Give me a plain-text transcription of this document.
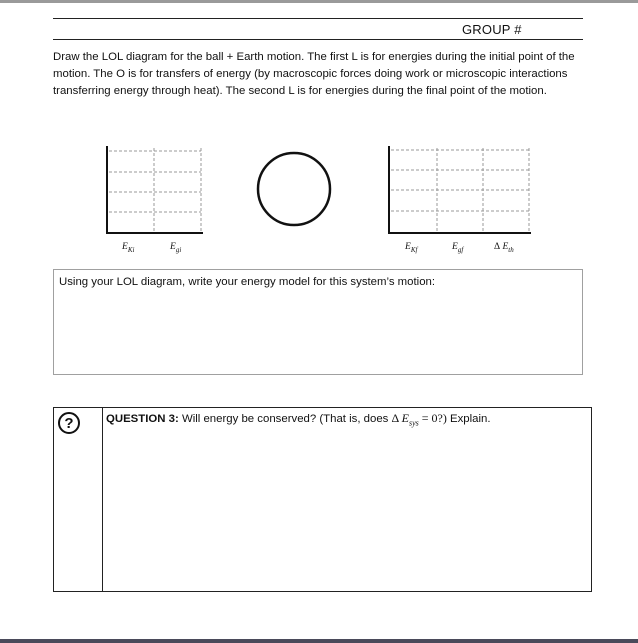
GROUP #

Draw the LOL diagram for the ball + Earth motion. The first L is for energies during the initial point of the motion. The O is for transfers of energy (by macroscopic forces doing work or microscopic interactions transferring energy through heat). The second L is for energies during the final point of the motion.

$E_{Ki}$	$E_{gi}$	$E_{Kf}$	$E_{gf}$	Δ $E_{th}$
Using your LOL diagram, write your energy model for this system’s motion:
?	QUESTION 3: Will energy be conserved? (That is, does Δ $E_{sys}$ = 0?) Explain.
